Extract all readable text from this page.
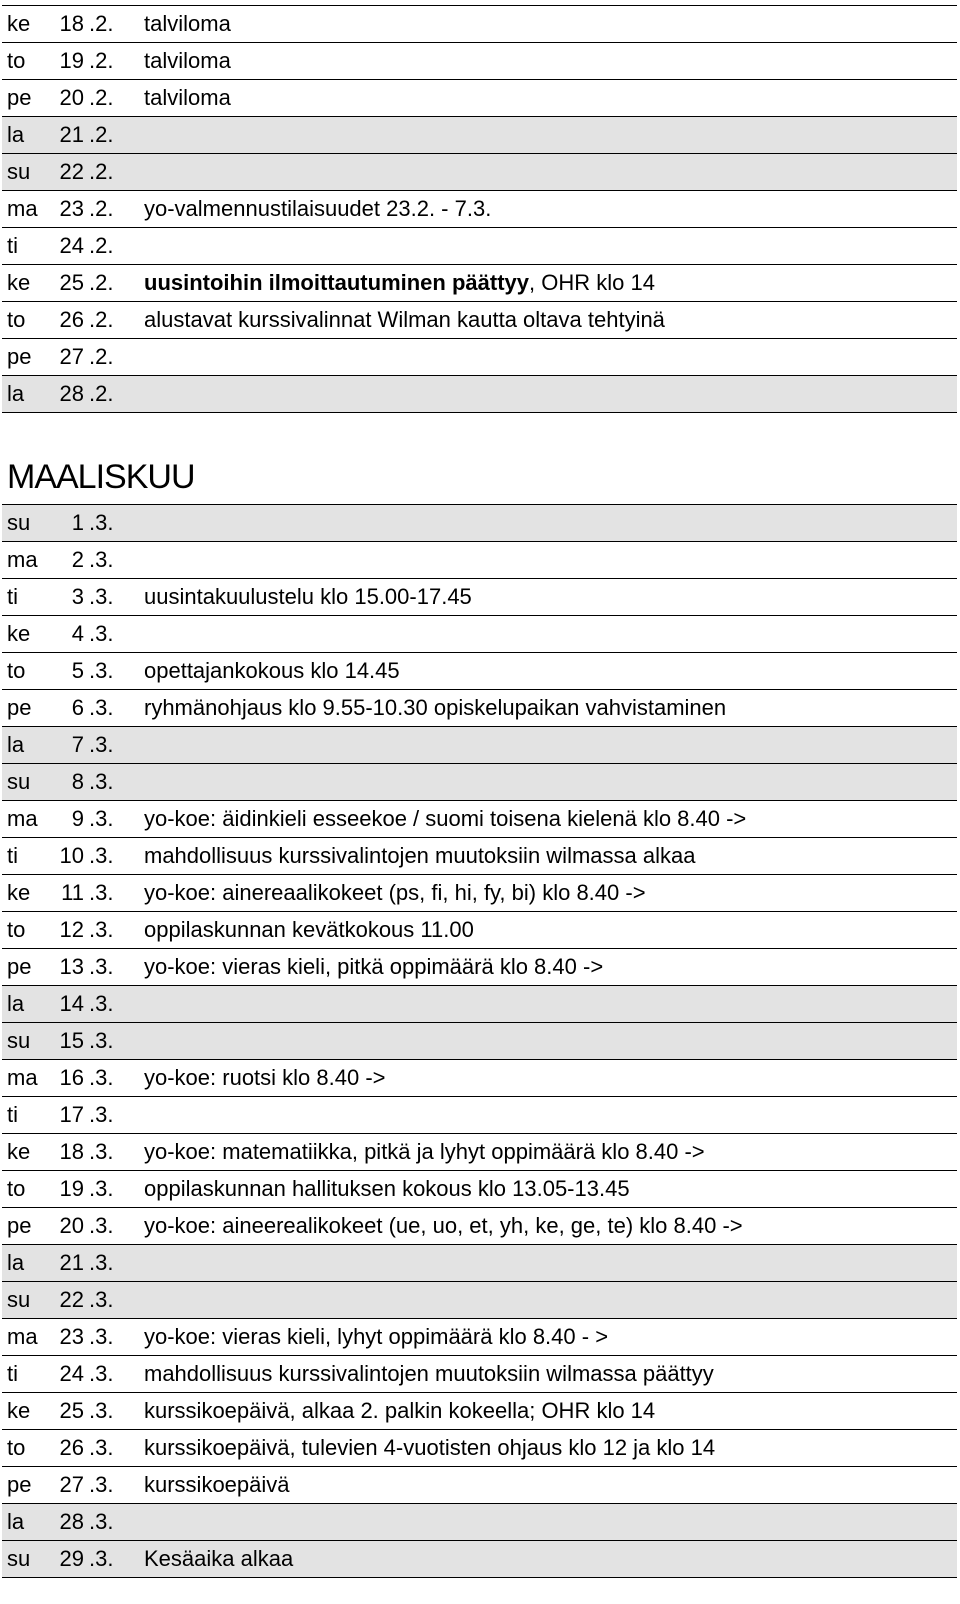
ke	18 .2. talviloma
to	19 .2. talviloma
pe	20 .2. talviloma
la	21 .2.
su	22 .2.
ma 23 .2. yo-valmennustilaisuudet 23.2. - 7.3.
ti	24 .2.
ke	25 .2. uusintoihin ilmoittautuminen päättyy, OHR klo 14
to	26 .2. alustavat kurssivalinnat Wilman kautta oltava tehtyinä
pe	27 .2.
la	28 .2.
MAALISKUU
su	1 .3.
ma	2 .3.
ti	3 .3. uusintakuulustelu klo 15.00-17.45
ke	4 .3.
to	5 .3. opettajankokous klo 14.45
pe	6 .3. ryhmänohjaus klo 9.55-10.30 opiskelupaikan vahvistaminen
la	7 .3.
su	8 .3.
ma	9 .3. yo-koe: äidinkieli esseekoe / suomi toisena kielenä klo 8.40 ->
ti	10 .3. mahdollisuus kurssivalintojen muutoksiin wilmassa alkaa
ke	11 .3. yo-koe: ainereaalikokeet (ps, fi, hi, fy, bi) klo 8.40 ->
to	12 .3. oppilaskunnan kevätkokous 11.00
pe	13 .3. yo-koe: vieras kieli, pitkä oppimäärä klo 8.40 ->
la	14 .3.
su	15 .3.
ma 16 .3. yo-koe: ruotsi klo 8.40 ->
ti	17 .3.
ke	18 .3. yo-koe: matematiikka, pitkä ja lyhyt oppimäärä klo 8.40 ->
to	19 .3. oppilaskunnan hallituksen kokous klo 13.05-13.45
pe	20 .3. yo-koe: aineerealikokeet (ue, uo, et, yh, ke, ge, te) klo 8.40 ->
la	21 .3.
su	22 .3.
ma 23 .3. yo-koe: vieras kieli, lyhyt oppimäärä klo 8.40 - >
ti	24 .3. mahdollisuus kurssivalintojen muutoksiin wilmassa päättyy
ke	25 .3. kurssikoepäivä, alkaa 2. palkin kokeella; OHR klo 14
to	26 .3. kurssikoepäivä, tulevien 4-vuotisten ohjaus klo 12 ja klo 14
pe	27 .3. kurssikoepäivä
la	28 .3.
su	29 .3. Kesäaika alkaa
